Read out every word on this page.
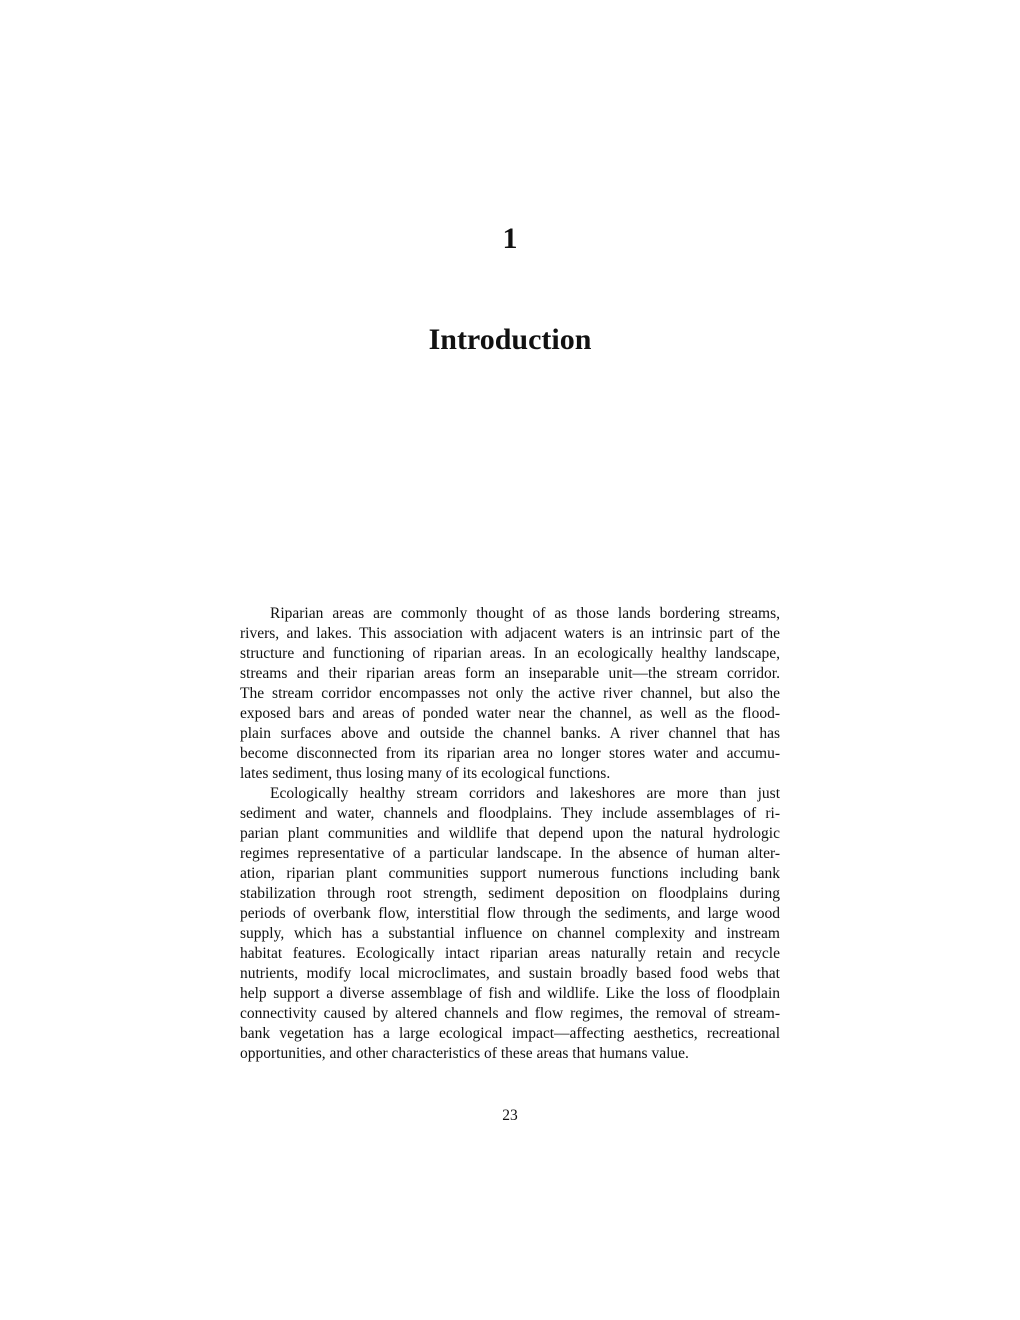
1
Introduction
Riparian areas are commonly thought of as those lands bordering streams,
rivers, and lakes. This association with adjacent waters is an intrinsic part of the
structure and functioning of riparian areas. In an ecologically healthy landscape,
streams and their riparian areas form an inseparable unit—the stream corridor.
The stream corridor encompasses not only the active river channel, but also the
exposed bars and areas of ponded water near the channel, as well as the flood-
plain surfaces above and outside the channel banks. A river channel that has
become disconnected from its riparian area no longer stores water and accumu-
lates sediment, thus losing many of its ecological functions.
Ecologically healthy stream corridors and lakeshores are more than just
sediment and water, channels and floodplains. They include assemblages of ri-
parian plant communities and wildlife that depend upon the natural hydrologic
regimes representative of a particular landscape. In the absence of human alter-
ation, riparian plant communities support numerous functions including bank
stabilization through root strength, sediment deposition on floodplains during
periods of overbank flow, interstitial flow through the sediments, and large wood
supply, which has a substantial influence on channel complexity and instream
habitat features. Ecologically intact riparian areas naturally retain and recycle
nutrients, modify local microclimates, and sustain broadly based food webs that
help support a diverse assemblage of fish and wildlife. Like the loss of floodplain
connectivity caused by altered channels and flow regimes, the removal of stream-
bank vegetation has a large ecological impact—affecting aesthetics, recreational
opportunities, and other characteristics of these areas that humans value.
23
